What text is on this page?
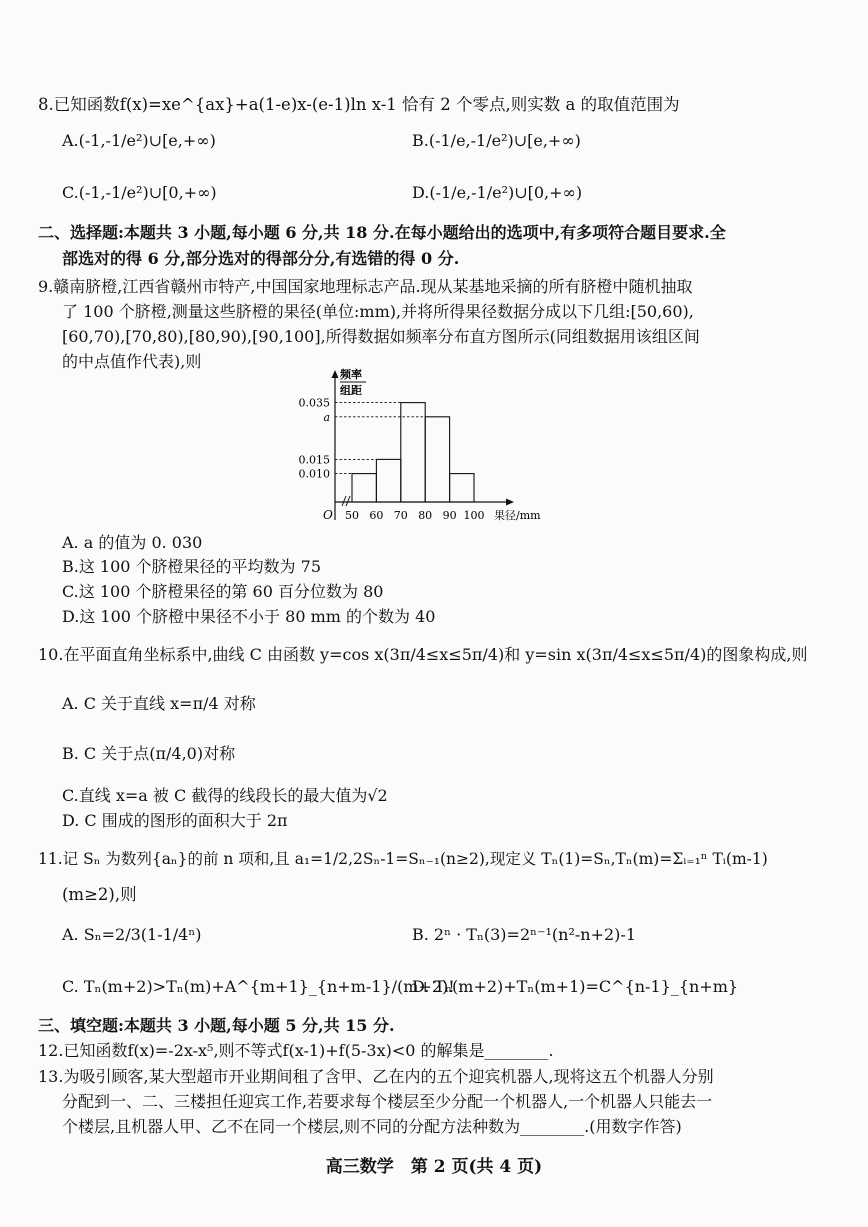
8.已知函数f(x)=xe^{ax}+a(1-e)x-(e-1)ln x-1 恰有 2 个零点,则实数 a 的取值范围为
A.(-1,-1/e²)∪[e,+∞)	B.(-1/e,-1/e²)∪[e,+∞)
C.(-1,-1/e²)∪[0,+∞)	D.(-1/e,-1/e²)∪[0,+∞)
二、选择题:本题共 3 小题,每小题 6 分,共 18 分.在每小题给出的选项中,有多项符合题目要求.全
部选对的得 6 分,部分选对的得部分分,有选错的得 0 分.
9.赣南脐橙,江西省赣州市特产,中国国家地理标志产品.现从某基地采摘的所有脐橙中随机抽取
了 100 个脐橙,测量这些脐橙的果径(单位:mm),并将所得果径数据分成以下几组:[50,60),
[60,70),[70,80),[80,90),[90,100],所得数据如频率分布直方图所示(同组数据用该组区间
的中点值作代表),则
频率
组距
O	果径/mm
0.010
0.015
a
0.035
50 60 70 80 90 100
A. a 的值为 0. 030
B.这 100 个脐橙果径的平均数为 75
C.这 100 个脐橙果径的第 60 百分位数为 80
D.这 100 个脐橙中果径不小于 80 mm 的个数为 40
10.在平面直角坐标系中,曲线 C 由函数 y=cos x(3π/4≤x≤5π/4)和 y=sin x(3π/4≤x≤5π/4)的图象构成,则
A. C 关于直线 x=π/4 对称
B. C 关于点(π/4,0)对称
C.直线 x=a 被 C 截得的线段长的最大值为√2
D. C 围成的图形的面积大于 2π
11.记 Sₙ 为数列{aₙ}的前 n 项和,且 a₁=1/2,2Sₙ-1=Sₙ₋₁(n≥2),现定义 Tₙ(1)=Sₙ,Tₙ(m)=Σᵢ₌₁ⁿ Tᵢ(m-1)
(m≥2),则
A. Sₙ=2/3(1-1/4ⁿ)	B. 2ⁿ · Tₙ(3)=2ⁿ⁻¹(n²-n+2)-1
C. Tₙ(m+2)>Tₙ(m)+A^{m+1}_{n+m-1}/(m+2)!
D. Tₙ(m+2)+Tₙ(m+1)=C^{n-1}_{n+m}
三、填空题:本题共 3 小题,每小题 5 分,共 15 分.
12.已知函数f(x)=-2x-x⁵,则不等式f(x-1)+f(5-3x)<0 的解集是________.
13.为吸引顾客,某大型超市开业期间租了含甲、乙在内的五个迎宾机器人,现将这五个机器人分别
分配到一、二、三楼担任迎宾工作,若要求每个楼层至少分配一个机器人,一个机器人只能去一
个楼层,且机器人甲、乙不在同一个楼层,则不同的分配方法种数为________.(用数字作答)
高三数学　第 2 页(共 4 页)
